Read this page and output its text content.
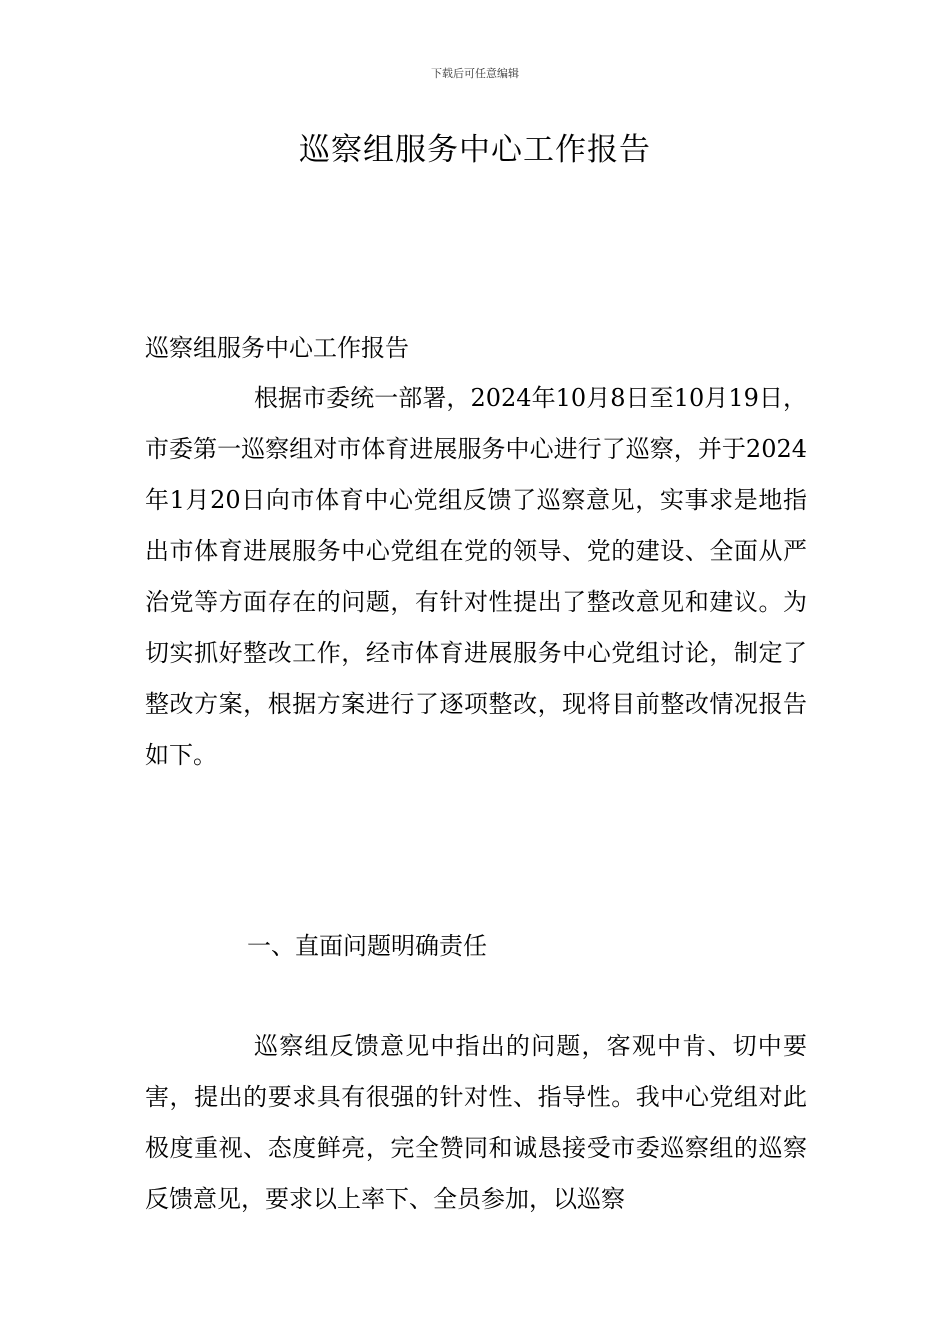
下载后可任意编辑
巡察组服务中心工作报告

巡察组服务中心工作报告

根据市委统一部署，2024年10月8日至10月19日，市委第一巡察组对市体育进展服务中心进行了巡察，并于2024年1月20日向市体育中心党组反馈了巡察意见，实事求是地指出市体育进展服务中心党组在党的领导、党的建设、全面从严治党等方面存在的问题，有针对性提出了整改意见和建议。为切实抓好整改工作，经市体育进展服务中心党组讨论，制定了整改方案，根据方案进行了逐项整改，现将目前整改情况报告如下。

一、直面问题明确责任

巡察组反馈意见中指出的问题，客观中肯、切中要害，提出的要求具有很强的针对性、指导性。我中心党组对此极度重视、态度鲜亮，完全赞同和诚恳接受市委巡察组的巡察反馈意见，要求以上率下、全员参加，以巡察
